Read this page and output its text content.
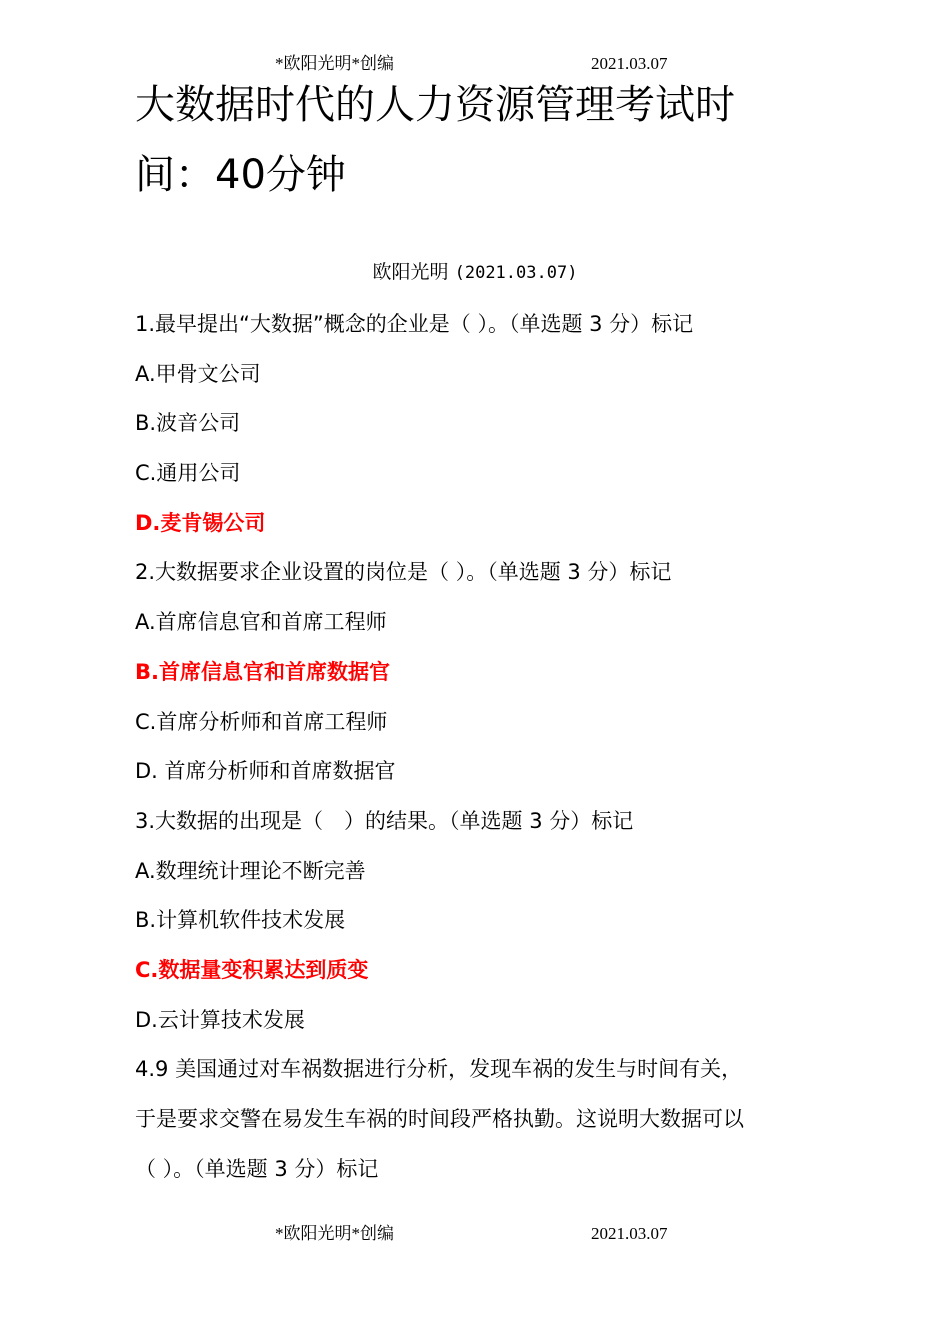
*欧阳光明*创编	2021.03.07
大数据时代的人力资源管理考试时
间：40分钟
欧阳光明 (2021.03.07)
1.最早提出“大数据”概念的企业是（ ）。（单选题 3 分）标记
A.甲骨文公司
B.波音公司
C.通用公司
D.麦肯锡公司
2.大数据要求企业设置的岗位是（ ）。（单选题 3 分）标记
A.首席信息官和首席工程师
B.首席信息官和首席数据官
C.首席分析师和首席工程师
D. 首席分析师和首席数据官
3.大数据的出现是（　）的结果。（单选题 3 分）标记
A.数理统计理论不断完善
B.计算机软件技术发展
C.数据量变积累达到质变
D.云计算技术发展
4.9 美国通过对车祸数据进行分析，发现车祸的发生与时间有关，
于是要求交警在易发生车祸的时间段严格执勤。这说明大数据可以
（ ）。（单选题 3 分）标记
*欧阳光明*创编	2021.03.07
